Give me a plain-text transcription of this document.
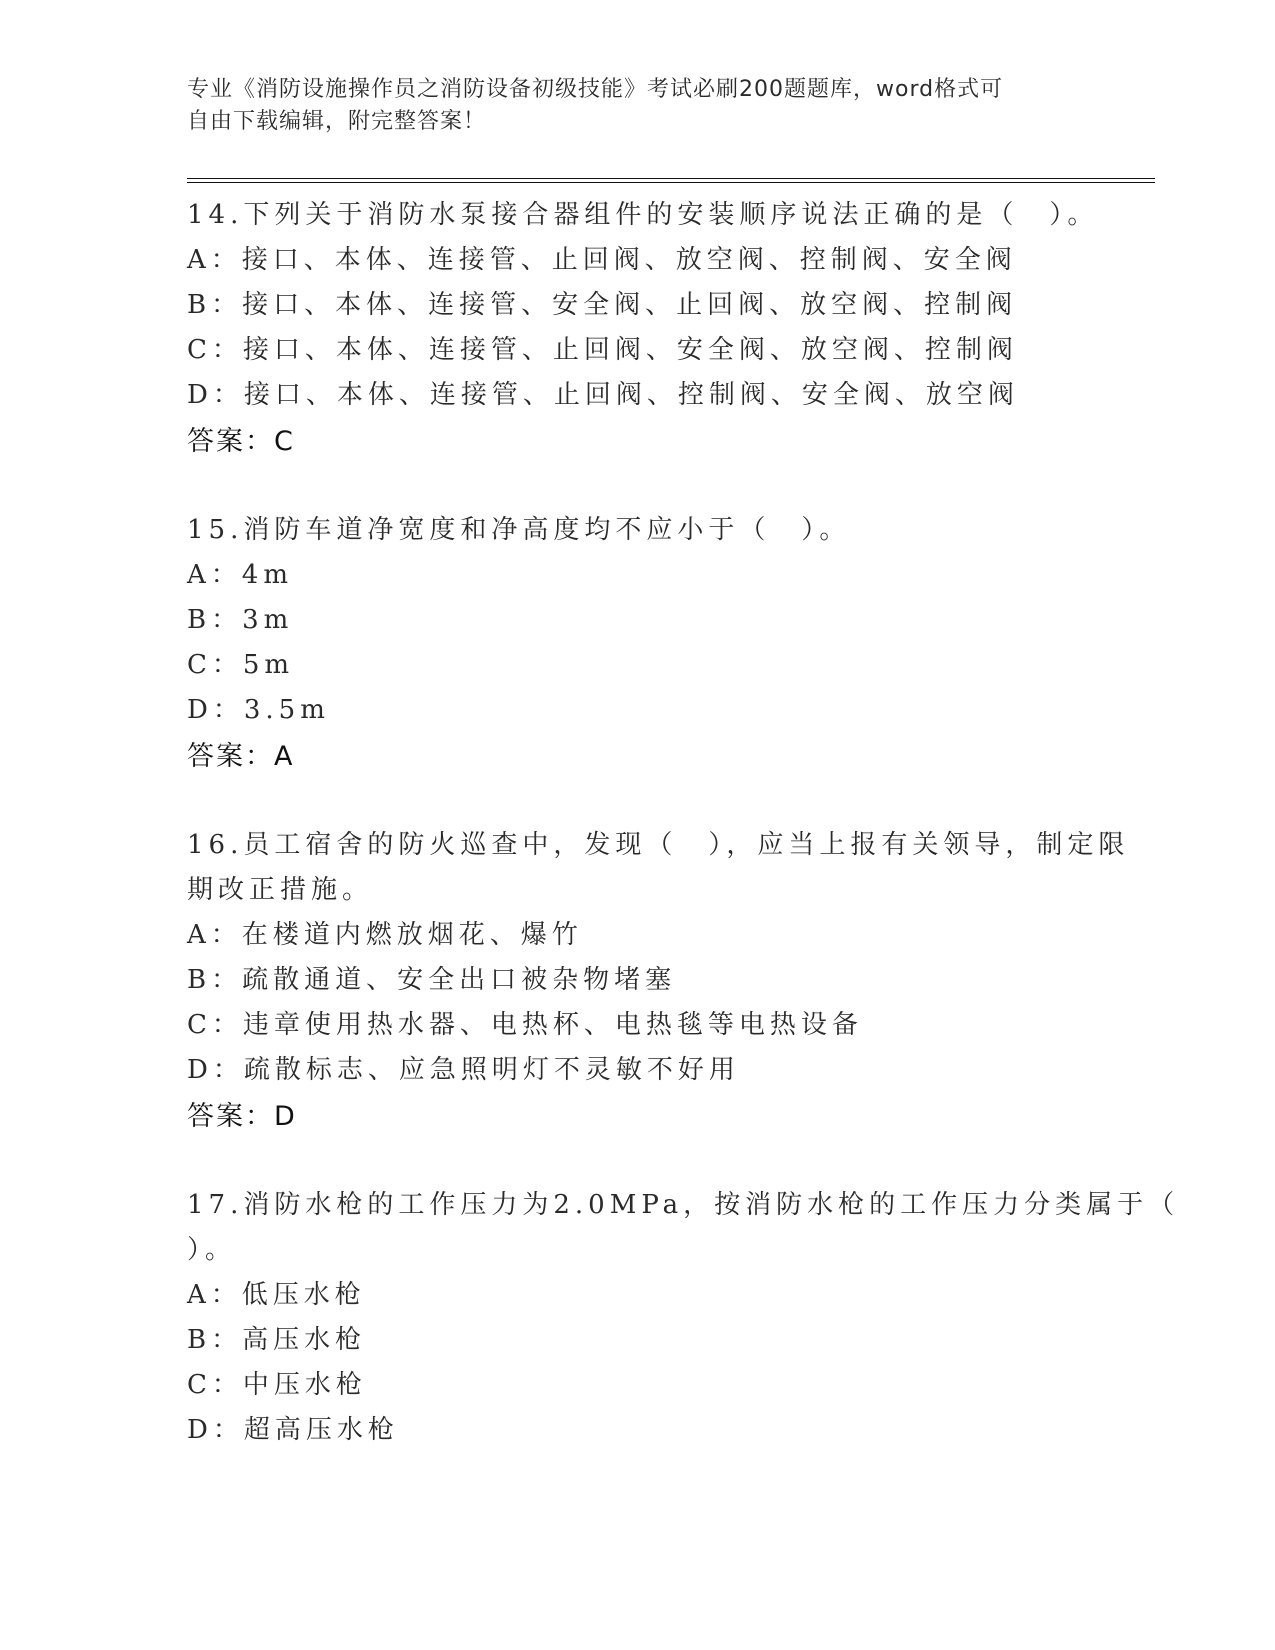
专业《消防设施操作员之消防设备初级技能》考试必刷200题题库，word格式可
自由下载编辑，附完整答案！
14.下列关于消防水泵接合器组件的安装顺序说法正确的是（　）。
A：接口、本体、连接管、止回阀、放空阀、控制阀、安全阀
B：接口、本体、连接管、安全阀、止回阀、放空阀、控制阀
C：接口、本体、连接管、止回阀、安全阀、放空阀、控制阀
D：接口、本体、连接管、止回阀、控制阀、安全阀、放空阀
答案：C
15.消防车道净宽度和净高度均不应小于（　）。
A：4m
B：3m
C：5m
D：3.5m
答案：A
16.员工宿舍的防火巡查中，发现（　），应当上报有关领导，制定限
期改正措施。
A：在楼道内燃放烟花、爆竹
B：疏散通道、安全出口被杂物堵塞
C：违章使用热水器、电热杯、电热毯等电热设备
D：疏散标志、应急照明灯不灵敏不好用
答案：D
17.消防水枪的工作压力为2.0MPa，按消防水枪的工作压力分类属于（
）。
A：低压水枪
B：高压水枪
C：中压水枪
D：超高压水枪
